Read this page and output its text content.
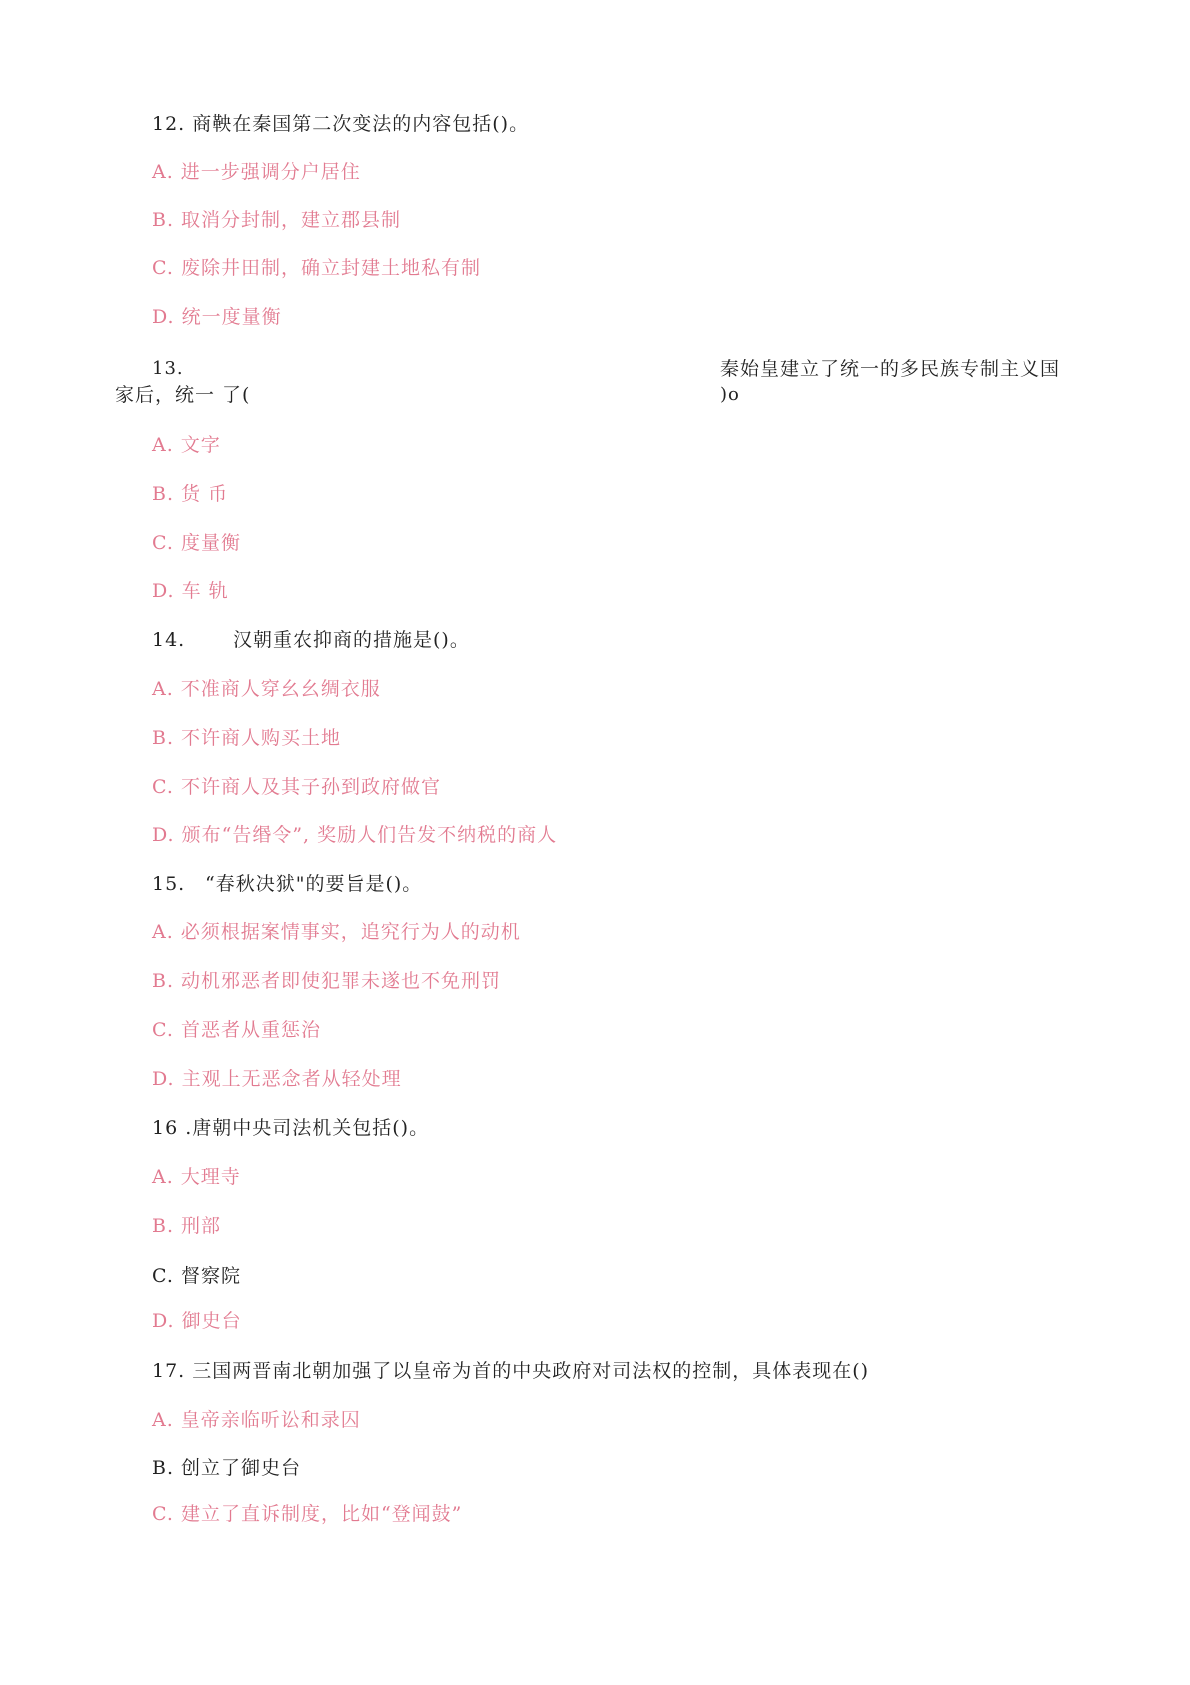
12. 商鞅在秦国第二次变法的内容包括()。
A. 进一步强调分户居住
B. 取消分封制，建立郡县制
C. 废除井田制，确立封建土地私有制
D. 统一度量衡
13.	秦始皇建立了统一的多民族专制主义国
家后，统一 了(	)o
A. 文字
B. 货 币
C. 度量衡
D. 车 轨
14.	汉朝重农抑商的措施是()。
A. 不准商人穿幺幺绸衣服
B. 不许商人购买土地
C. 不许商人及其子孙到政府做官
D. 颁布“告缗令”, 奖励人们告发不纳税的商人
15. “春秋决狱"的要旨是()。
A. 必须根据案情事实，追究行为人的动机
B. 动机邪恶者即使犯罪未遂也不免刑罚
C. 首恶者从重惩治
D. 主观上无恶念者从轻处理
16 .唐朝中央司法机关包括()。
A. 大理寺
B. 刑部
C. 督察院
D. 御史台
17. 三国两晋南北朝加强了以皇帝为首的中央政府对司法权的控制，具体表现在()
A. 皇帝亲临听讼和录囚
B. 创立了御史台
C. 建立了直诉制度，比如“登闻鼓”
